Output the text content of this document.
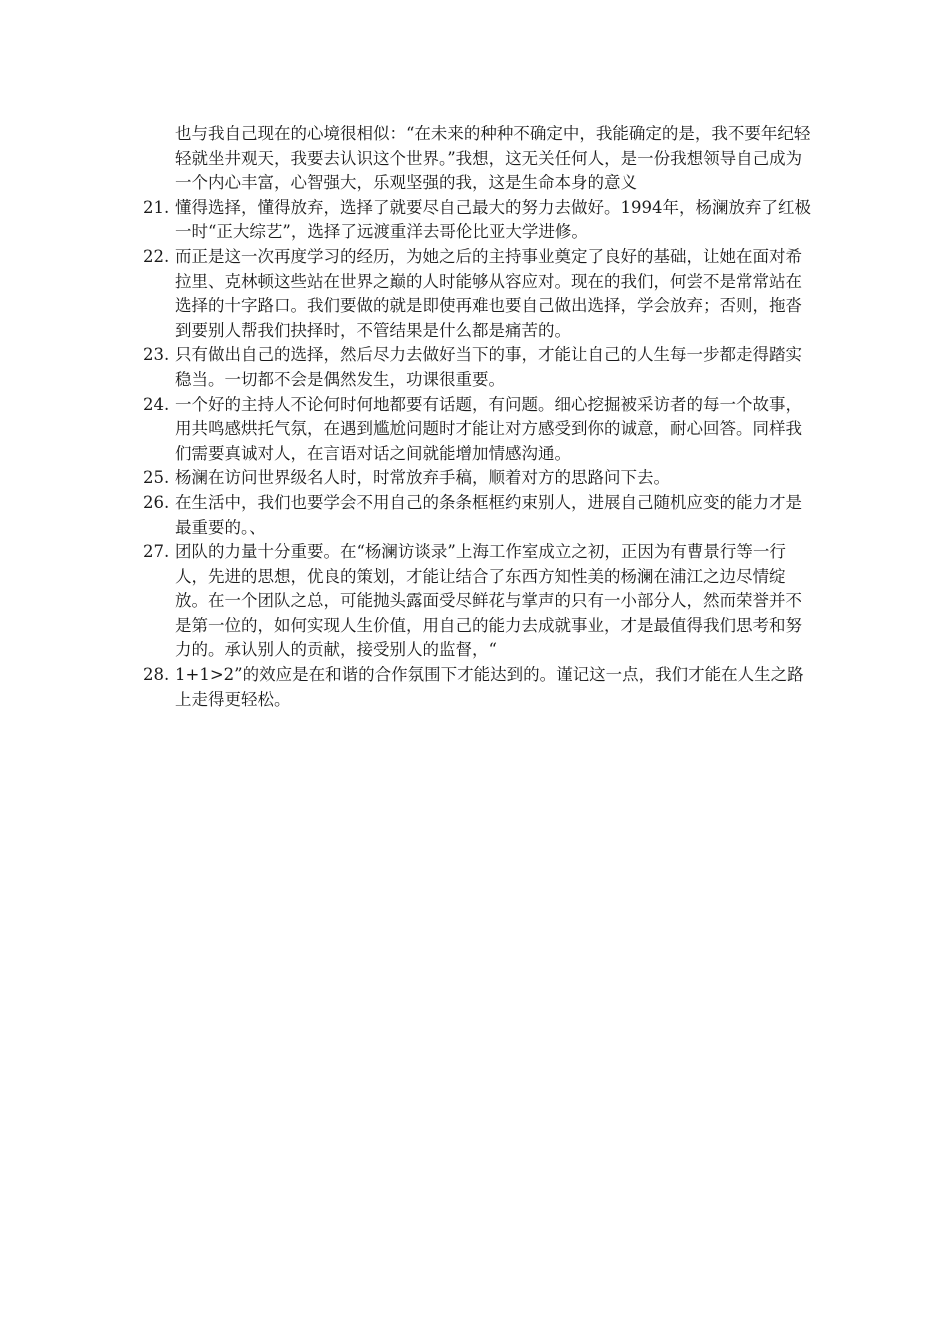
也与我自己现在的心境很相似：“在未来的种种不确定中，我能确定的是，我不要年纪轻轻就坐井观天，我要去认识这个世界。”我想，这无关任何人，是一份我想领导自己成为一个内心丰富，心智强大，乐观坚强的我，这是生命本身的意义

21. 懂得选择，懂得放弃，选择了就要尽自己最大的努力去做好。1994年，杨澜放弃了红极一时“正大综艺”，选择了远渡重洋去哥伦比亚大学进修。

22. 而正是这一次再度学习的经历，为她之后的主持事业奠定了良好的基础，让她在面对希拉里、克林顿这些站在世界之巅的人时能够从容应对。现在的我们，何尝不是常常站在选择的十字路口。我们要做的就是即使再难也要自己做出选择，学会放弃；否则，拖沓到要别人帮我们抉择时，不管结果是什么都是痛苦的。

23. 只有做出自己的选择，然后尽力去做好当下的事，才能让自己的人生每一步都走得踏实稳当。一切都不会是偶然发生，功课很重要。

24. 一个好的主持人不论何时何地都要有话题，有问题。细心挖掘被采访者的每一个故事，用共鸣感烘托气氛，在遇到尴尬问题时才能让对方感受到你的诚意，耐心回答。同样我们需要真诚对人，在言语对话之间就能增加情感沟通。

25. 杨澜在访问世界级名人时，时常放弃手稿，顺着对方的思路问下去。

26. 在生活中，我们也要学会不用自己的条条框框约束别人，进展自己随机应变的能力才是最重要的。、

27. 团队的力量十分重要。在“杨澜访谈录”上海工作室成立之初，正因为有曹景行等一行人，先进的思想，优良的策划，才能让结合了东西方知性美的杨澜在浦江之边尽情绽放。在一个团队之总，可能抛头露面受尽鲜花与掌声的只有一小部分人，然而荣誉并不是第一位的，如何实现人生价值，用自己的能力去成就事业，才是最值得我们思考和努力的。承认别人的贡献，接受别人的监督，“

28. 1+1>2”的效应是在和谐的合作氛围下才能达到的。谨记这一点，我们才能在人生之路上走得更轻松。
